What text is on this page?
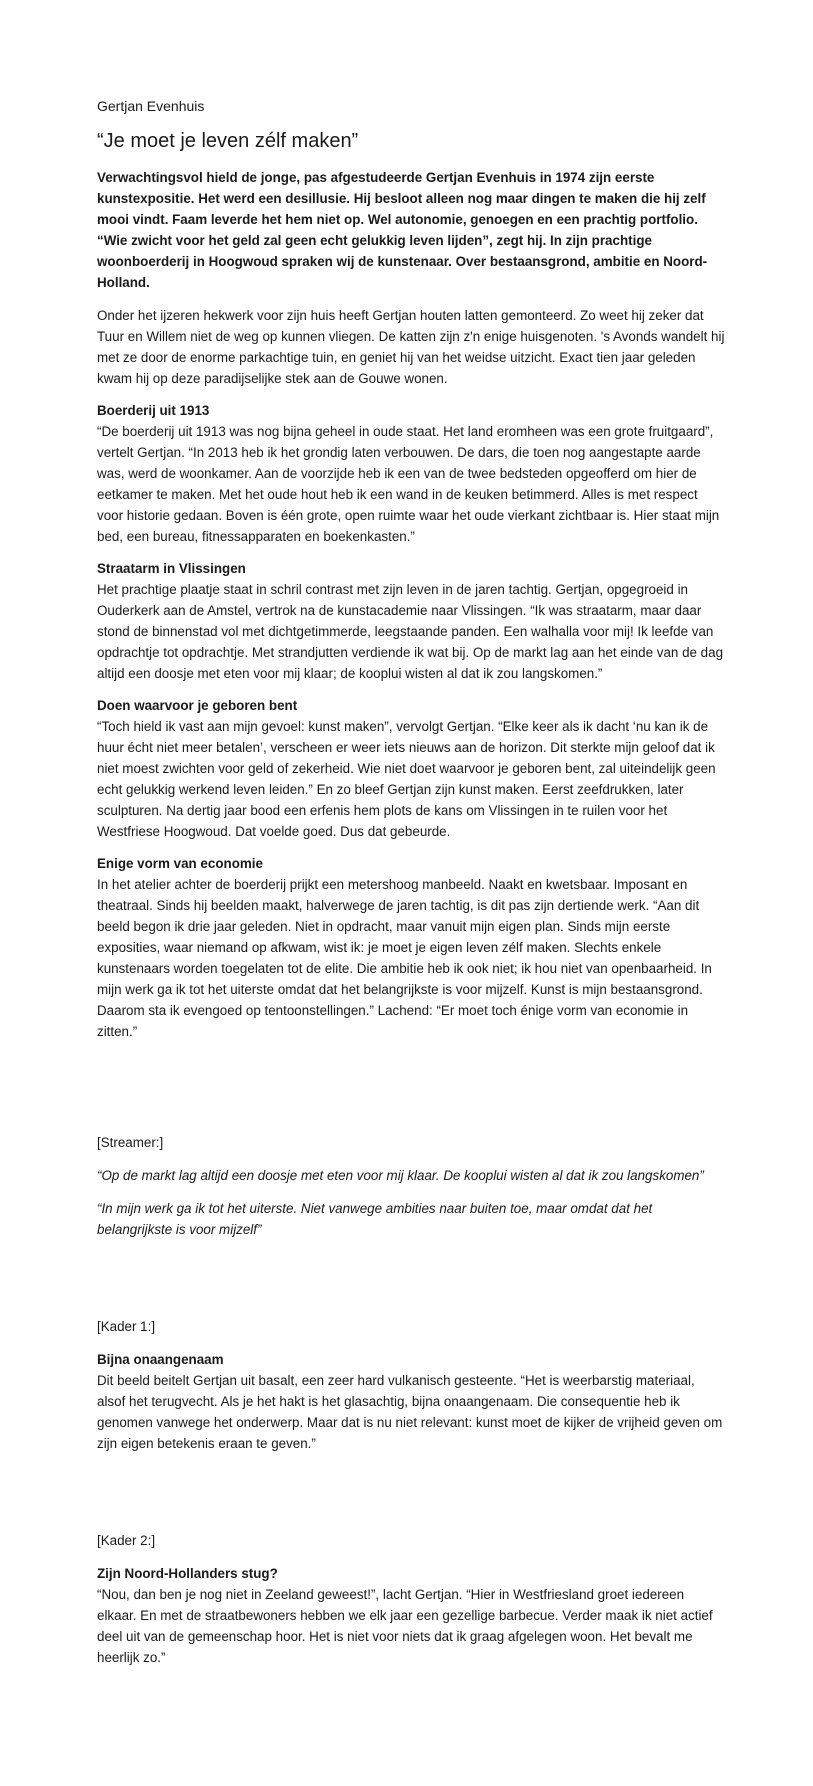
Gertjan Evenhuis

“Je moet je leven zélf maken”

Verwachtingsvol hield de jonge, pas afgestudeerde Gertjan Evenhuis in 1974 zijn eerste kunstexpositie. Het werd een desillusie. Hij besloot alleen nog maar dingen te maken die hij zelf mooi vindt. Faam leverde het hem niet op. Wel autonomie, genoegen en een prachtig portfolio. “Wie zwicht voor het geld zal geen echt gelukkig leven lijden”, zegt hij. In zijn prachtige woonboerderij in Hoogwoud spraken wij de kunstenaar. Over bestaansgrond, ambitie en Noord-Holland.

Onder het ijzeren hekwerk voor zijn huis heeft Gertjan houten latten gemonteerd. Zo weet hij zeker dat Tuur en Willem niet de weg op kunnen vliegen. De katten zijn z'n enige huisgenoten. 's Avonds wandelt hij met ze door de enorme parkachtige tuin, en geniet hij van het weidse uitzicht. Exact tien jaar geleden kwam hij op deze paradijselijke stek aan de Gouwe wonen.

Boerderij uit 1913

“De boerderij uit 1913 was nog bijna geheel in oude staat. Het land eromheen was een grote fruitgaard”, vertelt Gertjan. “In 2013 heb ik het grondig laten verbouwen. De dars, die toen nog aangestapte aarde was, werd de woonkamer. Aan de voorzijde heb ik een van de twee bedsteden opgeofferd om hier de eetkamer te maken. Met het oude hout heb ik een wand in de keuken betimmerd. Alles is met respect voor historie gedaan. Boven is één grote, open ruimte waar het oude vierkant zichtbaar is. Hier staat mijn bed, een bureau, fitnessapparaten en boekenkasten.”

Straatarm in Vlissingen

Het prachtige plaatje staat in schril contrast met zijn leven in de jaren tachtig. Gertjan, opgegroeid in Ouderkerk aan de Amstel, vertrok na de kunstacademie naar Vlissingen. “Ik was straatarm, maar daar stond de binnenstad vol met dichtgetimmerde, leegstaande panden. Een walhalla voor mij! Ik leefde van opdrachtje tot opdrachtje. Met strandjutten verdiende ik wat bij. Op de markt lag aan het einde van de dag altijd een doosje met eten voor mij klaar; de kooplui wisten al dat ik zou langskomen.”

Doen waarvoor je geboren bent

“Toch hield ik vast aan mijn gevoel: kunst maken”, vervolgt Gertjan. “Elke keer als ik dacht ‘nu kan ik de huur écht niet meer betalen’, verscheen er weer iets nieuws aan de horizon. Dit sterkte mijn geloof dat ik niet moest zwichten voor geld of zekerheid. Wie niet doet waarvoor je geboren bent, zal uiteindelijk geen echt gelukkig werkend leven leiden.” En zo bleef Gertjan zijn kunst maken. Eerst zeefdrukken, later sculpturen. Na dertig jaar bood een erfenis hem plots de kans om Vlissingen in te ruilen voor het Westfriese Hoogwoud. Dat voelde goed. Dus dat gebeurde.

Enige vorm van economie

In het atelier achter de boerderij prijkt een metershoog manbeeld. Naakt en kwetsbaar. Imposant en theatraal. Sinds hij beelden maakt, halverwege de jaren tachtig, is dit pas zijn dertiende werk. “Aan dit beeld begon ik drie jaar geleden. Niet in opdracht, maar vanuit mijn eigen plan. Sinds mijn eerste exposities, waar niemand op afkwam, wist ik: je moet je eigen leven zélf maken. Slechts enkele kunstenaars worden toegelaten tot de elite. Die ambitie heb ik ook niet; ik hou niet van openbaarheid. In mijn werk ga ik tot het uiterste omdat dat het belangrijkste is voor mijzelf. Kunst is mijn bestaansgrond. Daarom sta ik evengoed op tentoonstellingen.” Lachend: “Er moet toch énige vorm van economie in zitten.”

[Streamer:]

“Op de markt lag altijd een doosje met eten voor mij klaar. De kooplui wisten al dat ik zou langskomen”

“In mijn werk ga ik tot het uiterste. Niet vanwege ambities naar buiten toe, maar omdat dat het belangrijkste is voor mijzelf”

[Kader 1:]

Bijna onaangenaam

Dit beeld beitelt Gertjan uit basalt, een zeer hard vulkanisch gesteente. “Het is weerbarstig materiaal, alsof het terugvecht. Als je het hakt is het glasachtig, bijna onaangenaam. Die consequentie heb ik genomen vanwege het onderwerp. Maar dat is nu niet relevant: kunst moet de kijker de vrijheid geven om zijn eigen betekenis eraan te geven.”

[Kader 2:]

Zijn Noord-Hollanders stug?

“Nou, dan ben je nog niet in Zeeland geweest!”, lacht Gertjan. “Hier in Westfriesland groet iedereen elkaar. En met de straatbewoners hebben we elk jaar een gezellige barbecue. Verder maak ik niet actief deel uit van de gemeenschap hoor. Het is niet voor niets dat ik graag afgelegen woon. Het bevalt me heerlijk zo.”
